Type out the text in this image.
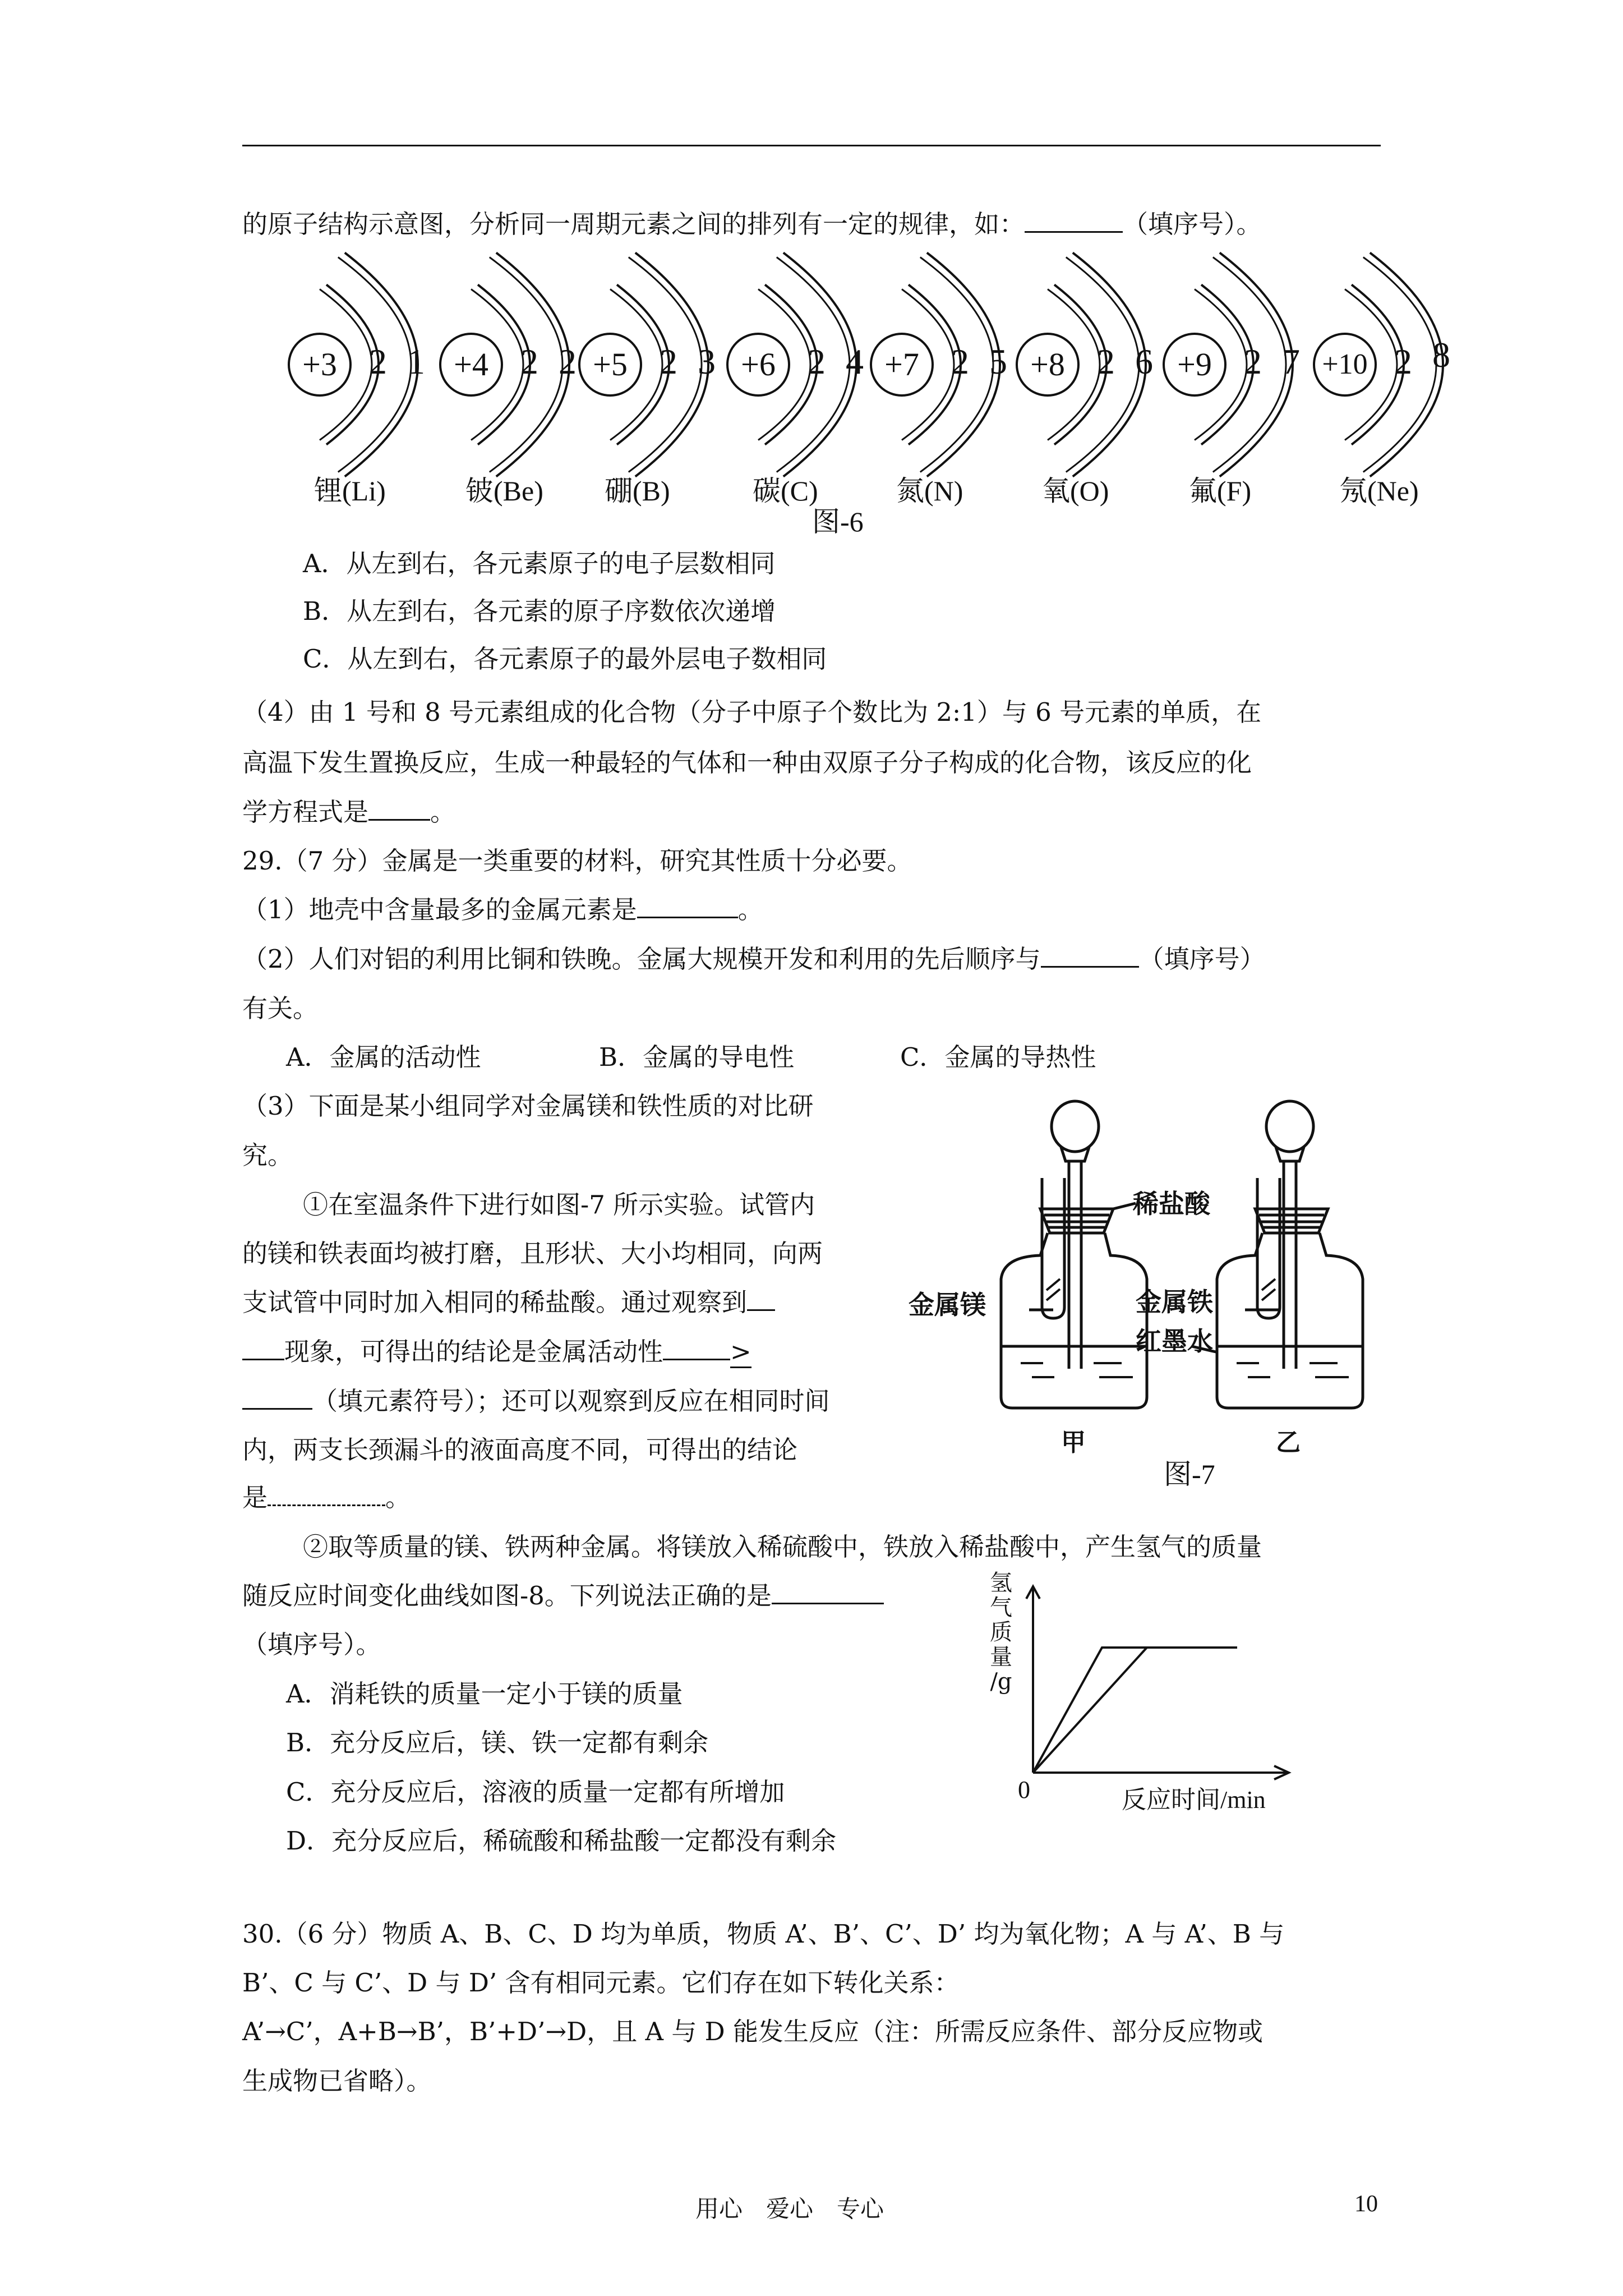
的原子结构示意图，分析同一周期元素之间的排列有一定的规律，如：	（填序号）。
+3 2 1
锂(Li)
+4 2 2
铍(Be)
+5 2 3
硼(B)
+6 2 4
碳(C)
+7 2 5
氮(N)
+8 2 6
氧(O)
+9 2 7
氟(F)
+10 2 8
氖(Ne)
图-6
A．从左到右，各元素原子的电子层数相同
B．从左到右，各元素的原子序数依次递增
C．从左到右，各元素原子的最外层电子数相同
（4）由 1 号和 8 号元素组成的化合物（分子中原子个数比为 2:1）与 6 号元素的单质，在
高温下发生置换反应，生成一种最轻的气体和一种由双原子分子构成的化合物，该反应的化
学方程式是 。
29.（7 分）金属是一类重要的材料，研究其性质十分必要。
（1）地壳中含量最多的金属元素是	。
（2）人们对铝的利用比铜和铁晚。金属大规模开发和利用的先后顺序与	（填序号）
有关。
A．金属的活动性	B．金属的导电性	C．金属的导热性
（3）下面是某小组同学对金属镁和铁性质的对比研
究。
①在室温条件下进行如图-7 所示实验。试管内
的镁和铁表面均被打磨，且形状、大小均相同，向两
支试管中同时加入相同的稀盐酸。通过观察到
现象，可得出的结论是金属活动性	>
（填元素符号）；还可以观察到反应在相同时间
内，两支长颈漏斗的液面高度不同，可得出的结论
是	。
稀盐酸
金属镁	金属铁
红墨水
甲	乙
图-7
②取等质量的镁、铁两种金属。将镁放入稀硫酸中，铁放入稀盐酸中，产生氢气的质量
随反应时间变化曲线如图-8。下列说法正确的是
（填序号）。
A．消耗铁的质量一定小于镁的质量
B．充分反应后，镁、铁一定都有剩余
C．充分反应后，溶液的质量一定都有所增加
D．充分反应后，稀硫酸和稀盐酸一定都没有剩余
氢
气
质
量
/g
0	反应时间/min
30.（6 分）物质 A、B、C、D 均为单质，物质 A’、B’、C’、D’ 均为氧化物；A 与 A’、B 与
B’、C 与 C’、D 与 D’ 含有相同元素。它们存在如下转化关系：
A’→C’，A+B→B’，B’+D’→D，且 A 与 D 能发生反应（注：所需反应条件、部分反应物或
生成物已省略）。
用心　爱心　专心	10
